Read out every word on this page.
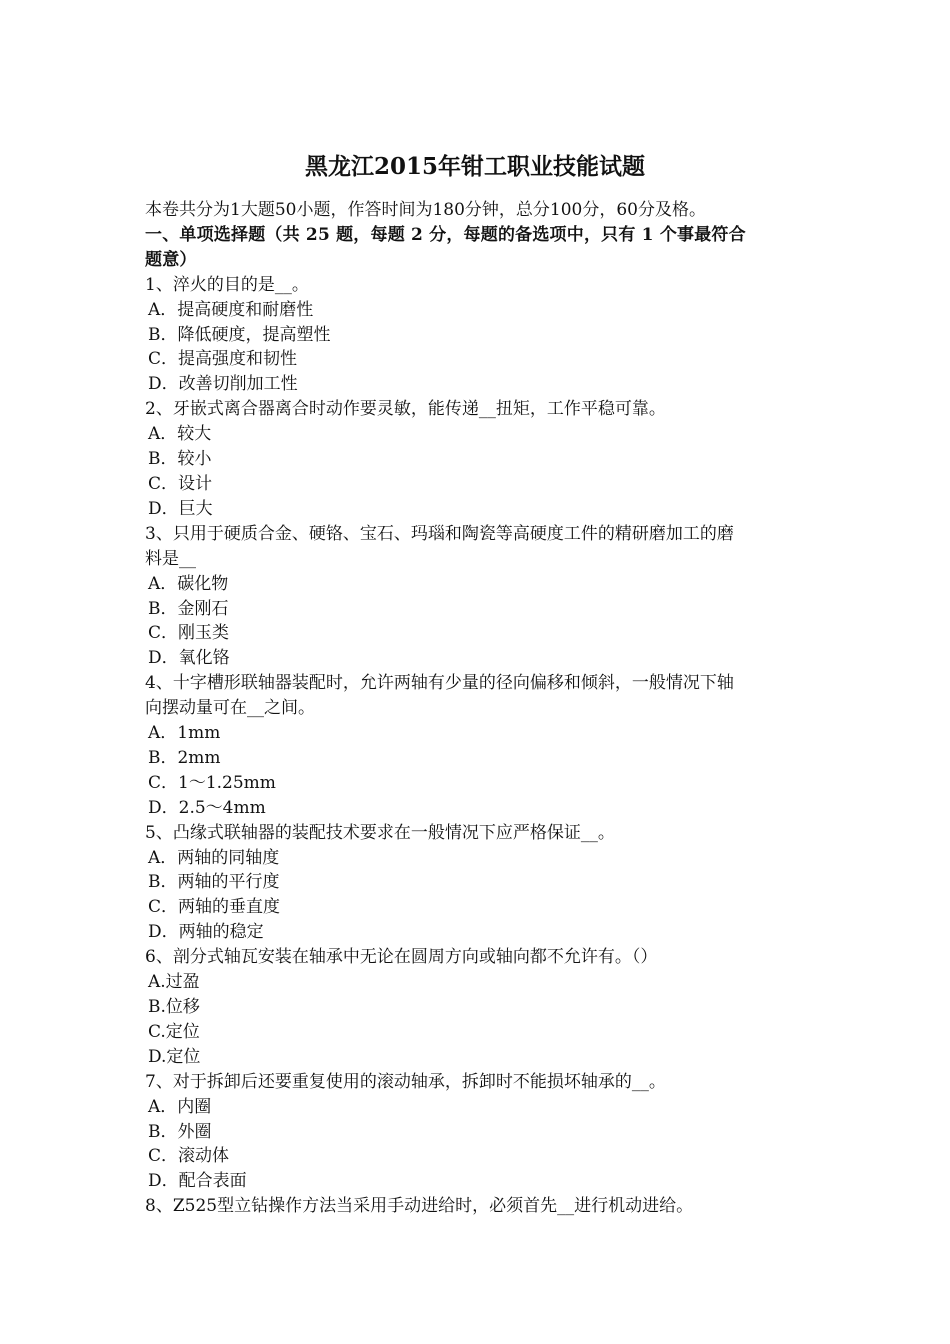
黑龙江2015年钳工职业技能试题
本卷共分为1大题50小题，作答时间为180分钟，总分100分，60分及格。
一、单项选择题（共 25 题，每题 2 分，每题的备选项中，只有 1 个事最符合
题意）
1、淬火的目的是__。
A．提高硬度和耐磨性
B．降低硬度，提高塑性
C．提高强度和韧性
D．改善切削加工性
2、牙嵌式离合器离合时动作要灵敏，能传递__扭矩，工作平稳可靠。
A．较大
B．较小
C．设计
D．巨大
3、只用于硬质合金、硬铬、宝石、玛瑙和陶瓷等高硬度工件的精研磨加工的磨
料是__
A．碳化物
B．金刚石
C．刚玉类
D．氧化铬
4、十字槽形联轴器装配时，允许两轴有少量的径向偏移和倾斜，一般情况下轴
向摆动量可在__之间。
A．1mm
B．2mm
C．1～1.25mm
D．2.5～4mm
5、凸缘式联轴器的装配技术要求在一般情况下应严格保证__。
A．两轴的同轴度
B．两轴的平行度
C．两轴的垂直度
D．两轴的稳定
6、剖分式轴瓦安装在轴承中无论在圆周方向或轴向都不允许有。（）
A.过盈
B.位移
C.定位
D.定位
7、对于拆卸后还要重复使用的滚动轴承，拆卸时不能损坏轴承的__。
A．内圈
B．外圈
C．滚动体
D．配合表面
8、Z525型立钻操作方法当采用手动进给时，必须首先__进行机动进给。
